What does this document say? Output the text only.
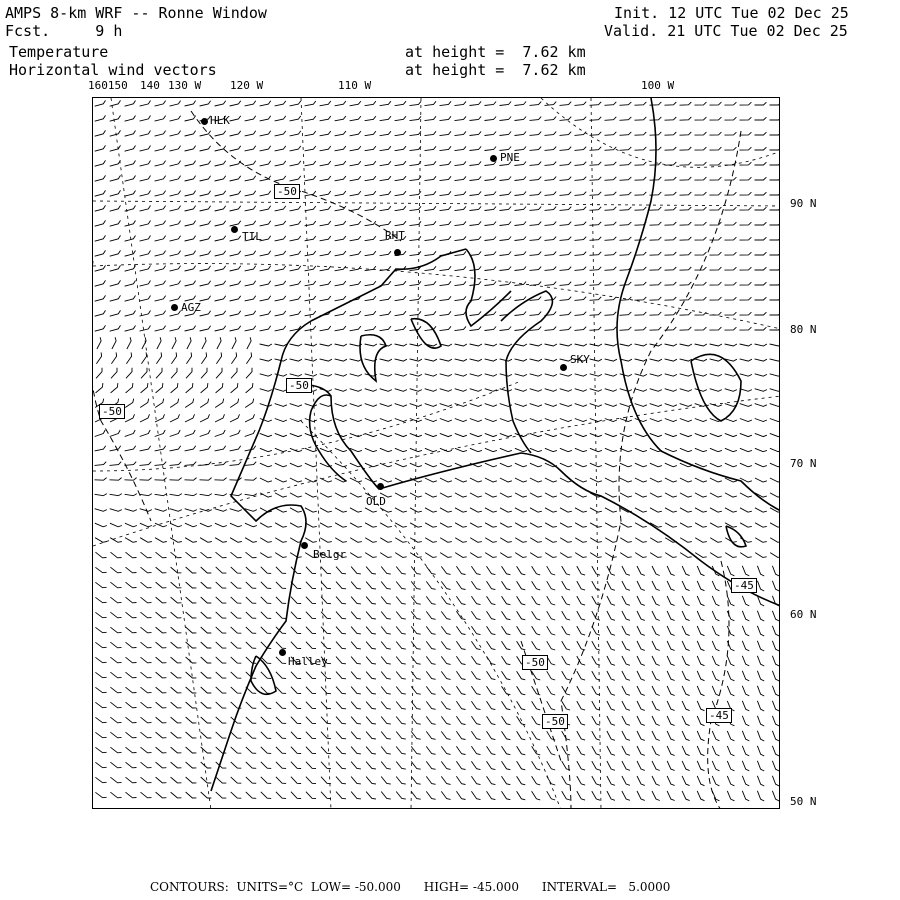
AMPS 8-km WRF -- Ronne Window
Fcst.     9 h
Init. 12 UTC Tue 02 Dec 25
Valid. 21 UTC Tue 02 Dec 25
Temperature
Horizontal wind vectors
at height =  7.62 km
at height =  7.62 km
160150 140 130 W	120 W	110 W	100 W
90 N
80 N
70 N
60 N
50 N
HLK
PNE
TIL	RHT
AGZ
SKY
OLD
Belgr
Halley
-50
-50
-50
-50
-50
-45
-45
CONTOURS:  UNITS=°C  LOW= -50.000      HIGH= -45.000      INTERVAL=   5.0000
